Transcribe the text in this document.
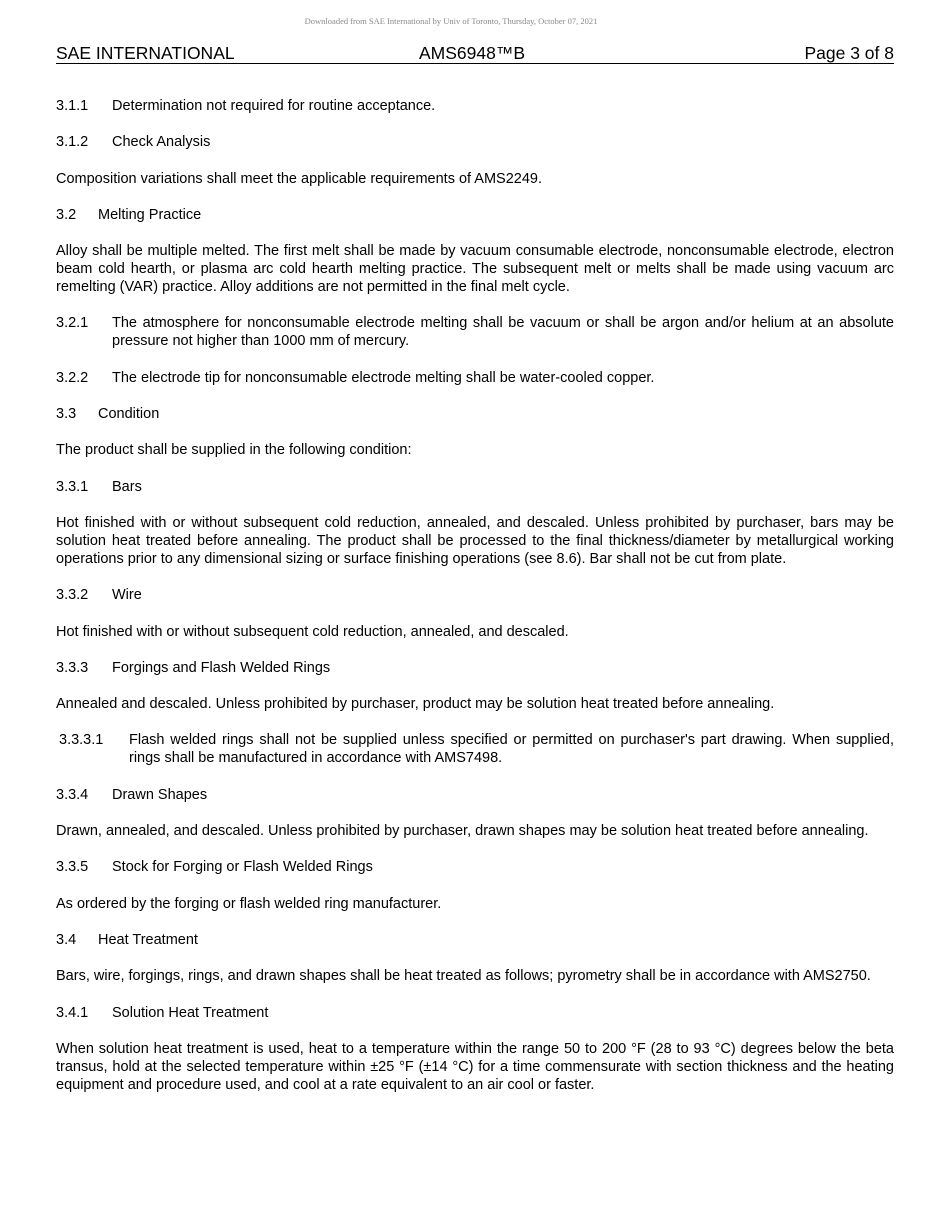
Downloaded from SAE International by Univ of Toronto, Thursday, October 07, 2021
SAE INTERNATIONAL	AMS6948™B	Page 3 of 8

3.1.1	Determination not required for routine acceptance.

3.1.2	Check Analysis

Composition variations shall meet the applicable requirements of AMS2249.

3.2	Melting Practice

Alloy shall be multiple melted. The first melt shall be made by vacuum consumable electrode, nonconsumable electrode, electron beam cold hearth, or plasma arc cold hearth melting practice. The subsequent melt or melts shall be made using vacuum arc remelting (VAR) practice. Alloy additions are not permitted in the final melt cycle.

3.2.1	The atmosphere for nonconsumable electrode melting shall be vacuum or shall be argon and/or helium at an absolute pressure not higher than 1000 mm of mercury.

3.2.2	The electrode tip for nonconsumable electrode melting shall be water-cooled copper.

3.3	Condition

The product shall be supplied in the following condition:

3.3.1	Bars

Hot finished with or without subsequent cold reduction, annealed, and descaled. Unless prohibited by purchaser, bars may be solution heat treated before annealing. The product shall be processed to the final thickness/diameter by metallurgical working operations prior to any dimensional sizing or surface finishing operations (see 8.6). Bar shall not be cut from plate.

3.3.2	Wire

Hot finished with or without subsequent cold reduction, annealed, and descaled.

3.3.3	Forgings and Flash Welded Rings

Annealed and descaled. Unless prohibited by purchaser, product may be solution heat treated before annealing.

3.3.3.1	Flash welded rings shall not be supplied unless specified or permitted on purchaser's part drawing. When supplied, rings shall be manufactured in accordance with AMS7498.

3.3.4	Drawn Shapes

Drawn, annealed, and descaled. Unless prohibited by purchaser, drawn shapes may be solution heat treated before annealing.

3.3.5	Stock for Forging or Flash Welded Rings

As ordered by the forging or flash welded ring manufacturer.

3.4	Heat Treatment

Bars, wire, forgings, rings, and drawn shapes shall be heat treated as follows; pyrometry shall be in accordance with AMS2750.

3.4.1	Solution Heat Treatment

When solution heat treatment is used, heat to a temperature within the range 50 to 200 °F (28 to 93 °C) degrees below the beta transus, hold at the selected temperature within ±25 °F (±14 °C) for a time commensurate with section thickness and the heating equipment and procedure used, and cool at a rate equivalent to an air cool or faster.
